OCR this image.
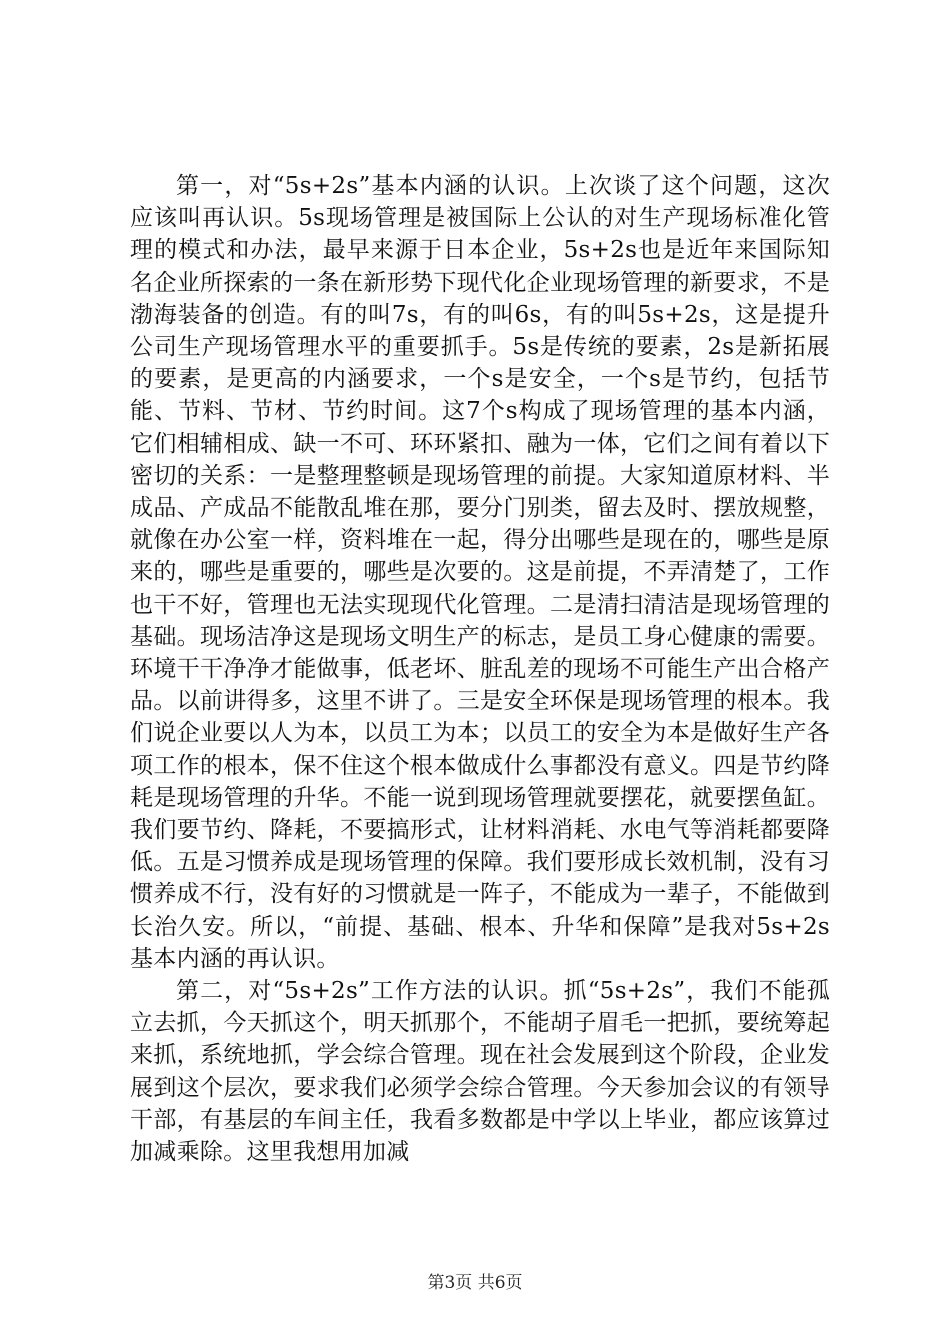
第一，对“5s+2s”基本内涵的认识。上次谈了这个问题，这次应该叫再认识。5s现场管理是被国际上公认的对生产现场标准化管理的模式和办法，最早来源于日本企业，5s+2s也是近年来国际知名企业所探索的一条在新形势下现代化企业现场管理的新要求，不是渤海装备的创造。有的叫7s，有的叫6s，有的叫5s+2s，这是提升公司生产现场管理水平的重要抓手。5s是传统的要素，2s是新拓展的要素，是更高的内涵要求，一个s是安全，一个s是节约，包括节能、节料、节材、节约时间。这7个s构成了现场管理的基本内涵，它们相辅相成、缺一不可、环环紧扣、融为一体，它们之间有着以下密切的关系：一是整理整顿是现场管理的前提。大家知道原材料、半成品、产成品不能散乱堆在那，要分门别类，留去及时、摆放规整，就像在办公室一样，资料堆在一起，得分出哪些是现在的，哪些是原来的，哪些是重要的，哪些是次要的。这是前提，不弄清楚了，工作也干不好，管理也无法实现现代化管理。二是清扫清洁是现场管理的基础。现场洁净这是现场文明生产的标志，是员工身心健康的需要。环境干干净净才能做事，低老坏、脏乱差的现场不可能生产出合格产品。以前讲得多，这里不讲了。三是安全环保是现场管理的根本。我们说企业要以人为本，以员工为本；以员工的安全为本是做好生产各项工作的根本，保不住这个根本做成什么事都没有意义。四是节约降耗是现场管理的升华。不能一说到现场管理就要摆花，就要摆鱼缸。我们要节约、降耗，不要搞形式，让材料消耗、水电气等消耗都要降低。五是习惯养成是现场管理的保障。我们要形成长效机制，没有习惯养成不行，没有好的习惯就是一阵子，不能成为一辈子，不能做到长治久安。所以，“前提、基础、根本、升华和保障”是我对5s+2s基本内涵的再认识。

第二，对“5s+2s”工作方法的认识。抓“5s+2s”，我们不能孤立去抓，今天抓这个，明天抓那个，不能胡子眉毛一把抓，要统筹起来抓，系统地抓，学会综合管理。现在社会发展到这个阶段，企业发展到这个层次，要求我们必须学会综合管理。今天参加会议的有领导干部，有基层的车间主任，我看多数都是中学以上毕业，都应该算过加减乘除。这里我想用加减

第3页 共6页
